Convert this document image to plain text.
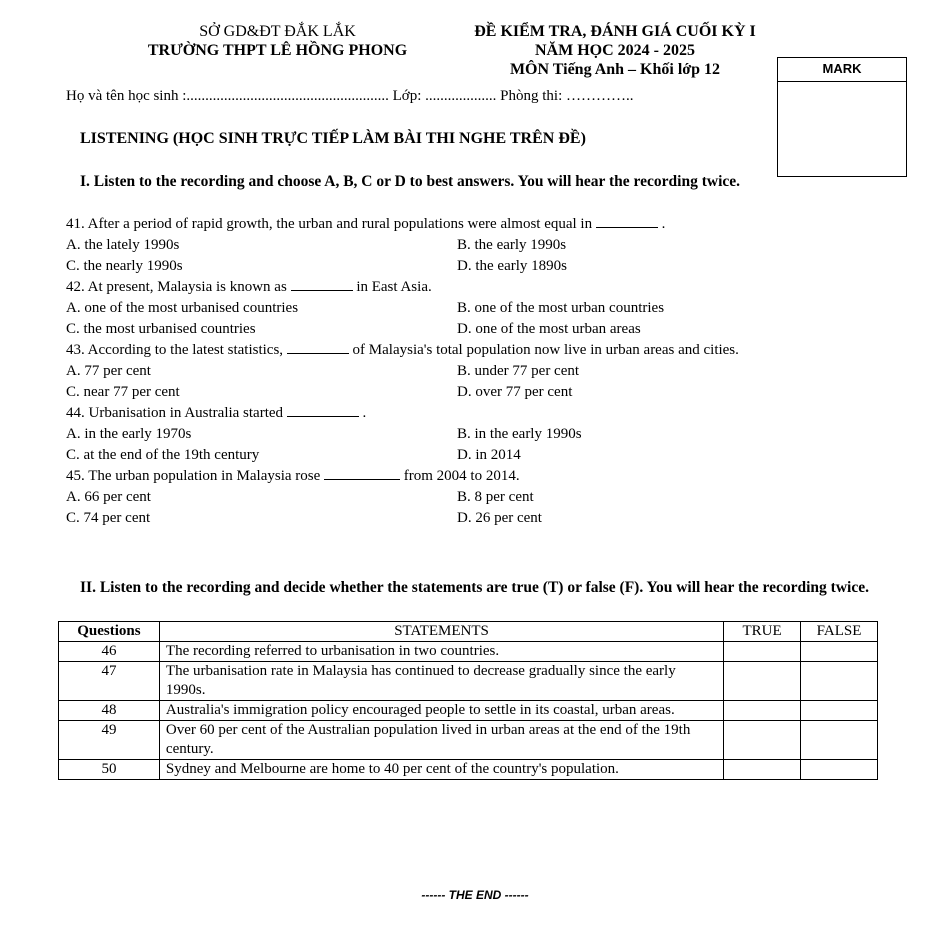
SỞ GD&ĐT ĐẮK LẮK
TRƯỜNG THPT LÊ HỒNG PHONG
ĐỀ KIỂM TRA, ĐÁNH GIÁ CUỐI KỲ I
NĂM HỌC 2024 - 2025
MÔN Tiếng Anh – Khối lớp 12	MARK
Họ và tên học sinh :...................................................... Lớp: ................... Phòng thi: …………..
LISTENING (HỌC SINH TRỰC TIẾP LÀM BÀI THI NGHE TRÊN ĐỀ)
I. Listen to the recording and choose A, B, C or D to best answers. You will hear the recording twice.
41. After a period of rapid growth, the urban and rural populations were almost equal in	.
A. the lately 1990s	B. the early 1990s
C. the nearly 1990s	D. the early 1890s
42. At present, Malaysia is known as	in East Asia.
A. one of the most urbanised countries	B. one of the most urban countries
C. the most urbanised countries	D. one of the most urban areas
43. According to the latest statistics,	of Malaysia's total population now live in urban areas and cities.
A. 77 per cent	B. under 77 per cent
C. near 77 per cent	D. over 77 per cent
44. Urbanisation in Australia started	.
A. in the early 1970s	B. in the early 1990s
C. at the end of the 19th century	D. in 2014
45. The urban population in Malaysia rose	from 2004 to 2014.
A. 66 per cent	B. 8 per cent
C. 74 per cent	D. 26 per cent
II. Listen to the recording and decide whether the statements are true (T) or false (F). You will hear the recording twice.
Questions	STATEMENTS	TRUE	FALSE
46	The recording referred to urbanisation in two countries.		
47	The urbanisation rate in Malaysia has continued to decrease gradually since the early 1990s.		
48	Australia's immigration policy encouraged people to settle in its coastal, urban areas.		
49	Over 60 per cent of the Australian population lived in urban areas at the end of the 19th century.		
50	Sydney and Melbourne are home to 40 per cent of the country's population.		
------ THE END ------
